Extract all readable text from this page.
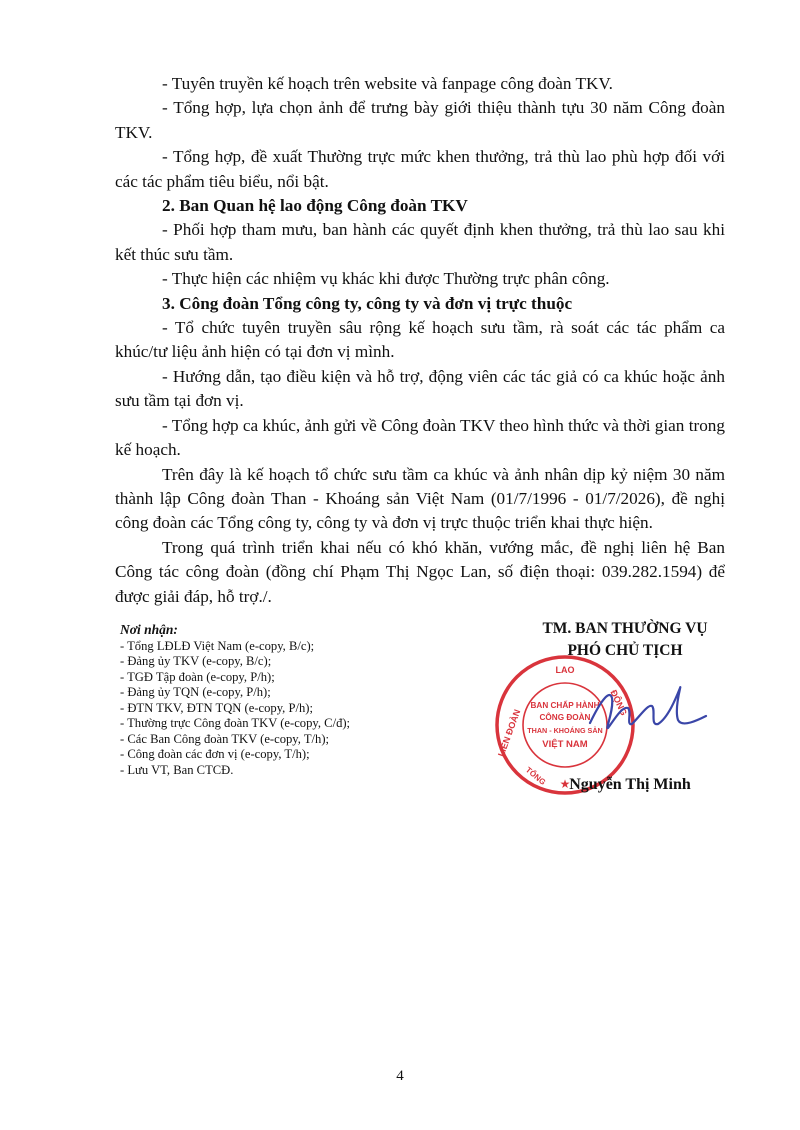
- Tuyên truyền kế hoạch trên website và fanpage công đoàn TKV.

- Tổng hợp, lựa chọn ảnh để trưng bày giới thiệu thành tựu 30 năm Công đoàn TKV.

- Tổng hợp, đề xuất Thường trực mức khen thưởng, trả thù lao phù hợp đối với các tác phẩm tiêu biểu, nổi bật.

2. Ban Quan hệ lao động Công đoàn TKV

- Phối hợp tham mưu, ban hành các quyết định khen thưởng, trả thù lao sau khi kết thúc sưu tầm.

- Thực hiện các nhiệm vụ khác khi được Thường trực phân công.

3. Công đoàn Tổng công ty, công ty và đơn vị trực thuộc

- Tổ chức tuyên truyền sâu rộng kế hoạch sưu tầm, rà soát các tác phẩm ca khúc/tư liệu ảnh hiện có tại đơn vị mình.

- Hướng dẫn, tạo điều kiện và hỗ trợ, động viên các tác giả có ca khúc hoặc ảnh sưu tầm tại đơn vị.

- Tổng hợp ca khúc, ảnh gửi về Công đoàn TKV theo hình thức và thời gian trong kế hoạch.

Trên đây là kế hoạch tổ chức sưu tầm ca khúc và ảnh nhân dịp kỷ niệm 30 năm thành lập Công đoàn Than - Khoáng sản Việt Nam (01/7/1996 - 01/7/2026), đề nghị công đoàn các Tổng công ty, công ty và đơn vị trực thuộc triển khai thực hiện.

Trong quá trình triển khai nếu có khó khăn, vướng mắc, đề nghị liên hệ Ban Công tác công đoàn (đồng chí Phạm Thị Ngọc Lan, số điện thoại: 039.282.1594) để được giải đáp, hỗ trợ./.

Nơi nhận:
- Tổng LĐLĐ Việt Nam (e-copy, B/c);
- Đảng ủy TKV (e-copy, B/c);
- TGĐ Tập đoàn (e-copy, P/h);
- Đảng ủy TQN (e-copy, P/h);
- ĐTN TKV, ĐTN TQN (e-copy, P/h);
- Thường trực Công đoàn TKV (e-copy, C/đ);
- Các Ban Công đoàn TKV (e-copy, T/h);
- Công đoàn các đơn vị (e-copy, T/h);
- Lưu VT, Ban CTCĐ.
TM. BAN THƯỜNG VỤ
PHÓ CHỦ TỊCH
LAO
LIÊN ĐOÀN
ĐỘNG
TỔNG
BAN CHẤP HÀNH
CÔNG ĐOÀN
THAN - KHOÁNG SẢN
VIỆT NAM
★
Nguyễn Thị Minh
4
